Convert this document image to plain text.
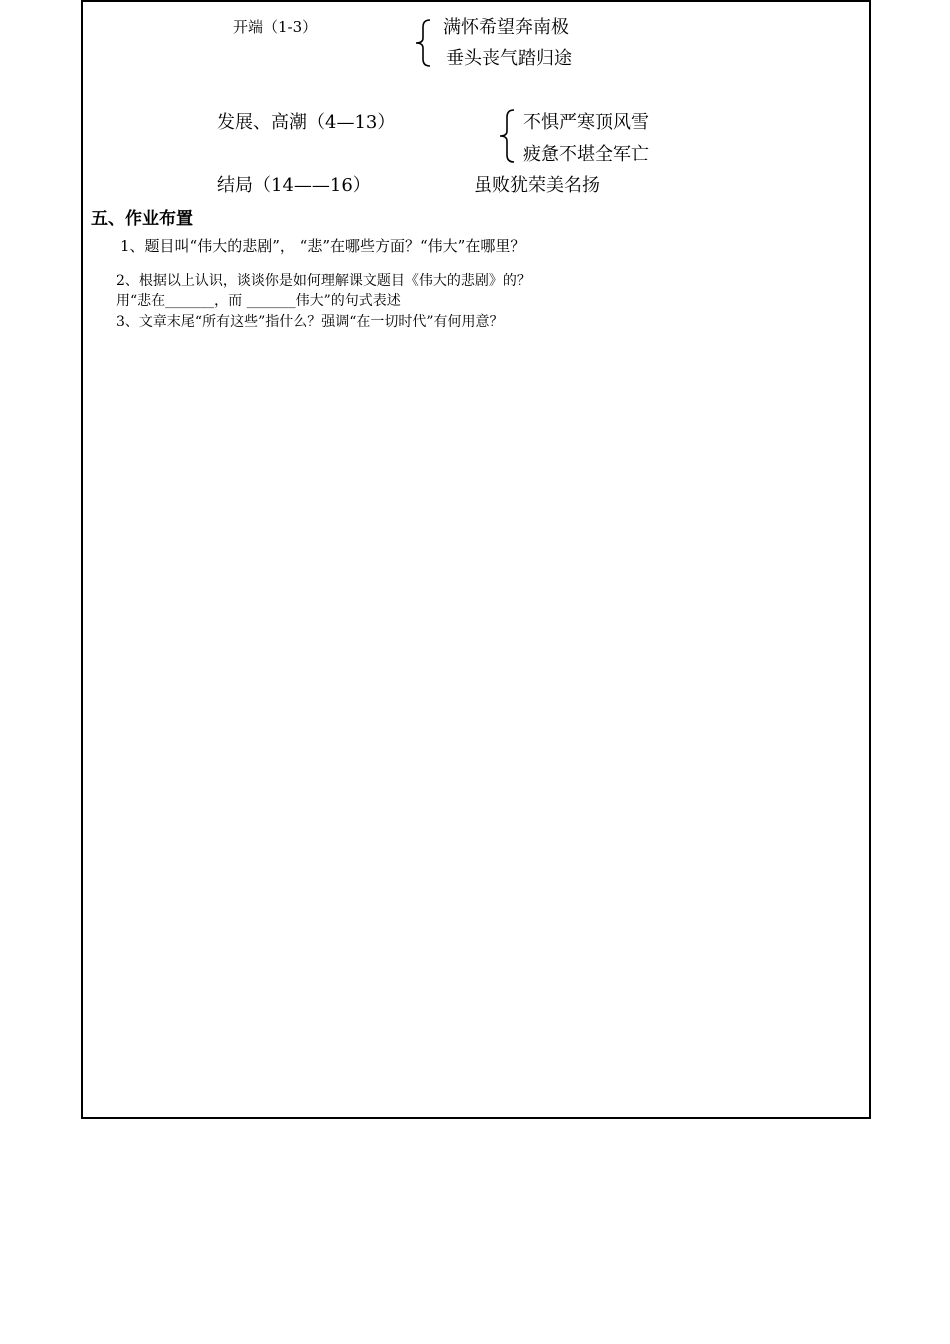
开端（1-3）	满怀希望奔南极
垂头丧气踏归途
发展、高潮（4—13）	不惧严寒顶风雪
疲惫不堪全军亡
结局（14——16）	虽败犹荣美名扬
五、作业布置
1、题目叫“伟大的悲剧”， “悲”在哪些方面？“伟大”在哪里？
2、根据以上认识，谈谈你是如何理解课文题目《伟大的悲剧》的？
用“悲在_______，而 _______伟大”的句式表述
3、文章末尾“所有这些”指什么？强调“在一切时代”有何用意？
